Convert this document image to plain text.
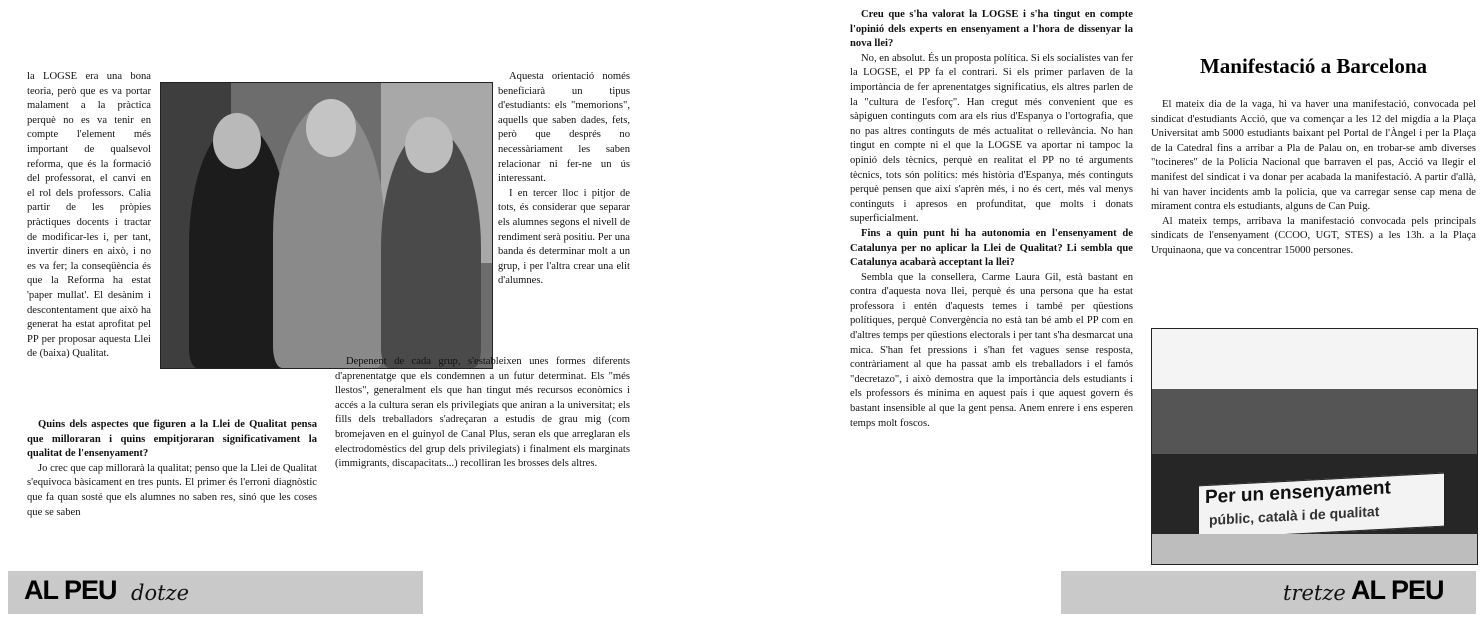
la LOGSE era una bona teoria, però que es va portar malament a la pràctica perquè no es va tenir en compte l'element més important de qualsevol reforma, que és la formació del professorat, el canvi en el rol dels professors. Calia partir de les pròpies pràctiques docents i tractar de modificar-les i, per tant, invertir diners en això, i no es va fer; la conseqüència és que la Reforma ha estat 'paper mullat'. El desànim i descontentament que això ha generat ha estat aprofitat pel PP per proposar aquesta Llei de (baixa) Qualitat.

Aquesta orientació només beneficiarà un tipus d'estudiants: els "memorions", aquells que saben dades, fets, però que després no necessàriament les saben relacionar ni fer-ne un ús interessant.

I en tercer lloc i pitjor de tots, és considerar que separar els alumnes segons el nivell de rendiment serà positiu. Per una banda és determinar molt a un grup, i per l'altra crear una elit d'alumnes.

Quins dels aspectes que figuren a la Llei de Qualitat pensa que milloraran i quins empitjoraran significativament la qualitat de l'ensenyament?

Jo crec que cap millorarà la qualitat; penso que la Llei de Qualitat s'equivoca bàsicament en tres punts. El primer és l'erroni diagnòstic que fa quan sosté que els alumnes no saben res, sinó que les coses que se saben

Depenent de cada grup, s'estableixen unes formes diferents d'aprenentatge que els condemnen a un futur determinat. Els "més llestos", generalment els que han tingut més recursos econòmics i accés a la cultura seran els privilegiats que aniran a la universitat; els fills dels treballadors s'adreçaran a estudis de grau mig (com bromejaven en el guinyol de Canal Plus, seran els que arreglaran els electrodomèstics del grup dels privilegiats) i finalment els marginats (immigrants, discapacitats...) recolliran les brosses dels altres.

AL PEU dotze

Creu que s'ha valorat la LOGSE i s'ha tingut en compte l'opinió dels experts en ensenyament a l'hora de dissenyar la nova llei?

No, en absolut. És un proposta política. Si els socialistes van fer la LOGSE, el PP fa el contrari. Si els primer parlaven de la importància de fer aprenentatges significatius, els altres parlen de la "cultura de l'esforç". Han cregut més convenient que es sàpiguen continguts com ara els rius d'Espanya o l'ortografia, que no pas altres continguts de més actualitat o rellevància. No han tingut en compte ni el que la LOGSE va aportar ni tampoc la opinió dels tècnics, perquè en realitat el PP no té arguments tècnics, tots són polítics: més història d'Espanya, més continguts perquè pensen que així s'aprèn més, i no és cert, més val menys continguts i apresos en profunditat, que molts i donats superficialment.

Fins a quin punt hi ha autonomia en l'ensenyament de Catalunya per no aplicar la Llei de Qualitat? Li sembla que Catalunya acabarà acceptant la llei?

Sembla que la consellera, Carme Laura Gil, està bastant en contra d'aquesta nova llei, perquè és una persona que ha estat professora i entén d'aquests temes i també per qüestions polítiques, perquè Convergència no està tan bé amb el PP com en d'altres temps per qüestions electorals i per tant s'ha desmarcat una mica. S'han fet pressions i s'han fet vagues sense resposta, contràriament al que ha passat amb els treballadors i el famós "decretazo", i això demostra que la importància dels estudiants i els professors és mínima en aquest país i que aquest govern és bastant insensible al que la gent pensa. Anem enrere i ens esperen temps molt foscos.

Manifestació a Barcelona

El mateix dia de la vaga, hi va haver una manifestació, convocada pel sindicat d'estudiants Acció, que va començar a les 12 del migdia a la Plaça Universitat amb 5000 estudiants baixant pel Portal de l'Àngel i per la Plaça de la Catedral fins a arribar a Pla de Palau on, en trobar-se amb diverses "tocineres" de la Policia Nacional que barraven el pas, Acció va llegir el manifest del sindicat i va donar per acabada la manifestació. A partir d'allà, hi van haver incidents amb la policia, que va carregar sense cap mena de mirament contra els estudiants, alguns de Can Puig.

Al mateix temps, arribava la manifestació convocada pels principals sindicats de l'ensenyament (CCOO, UGT, STES) a les 13h. a la Plaça Urquinaona, que va concentrar 15000 persones.

Per un ensenyament
públic, català i de qualitat
tretze AL PEU
